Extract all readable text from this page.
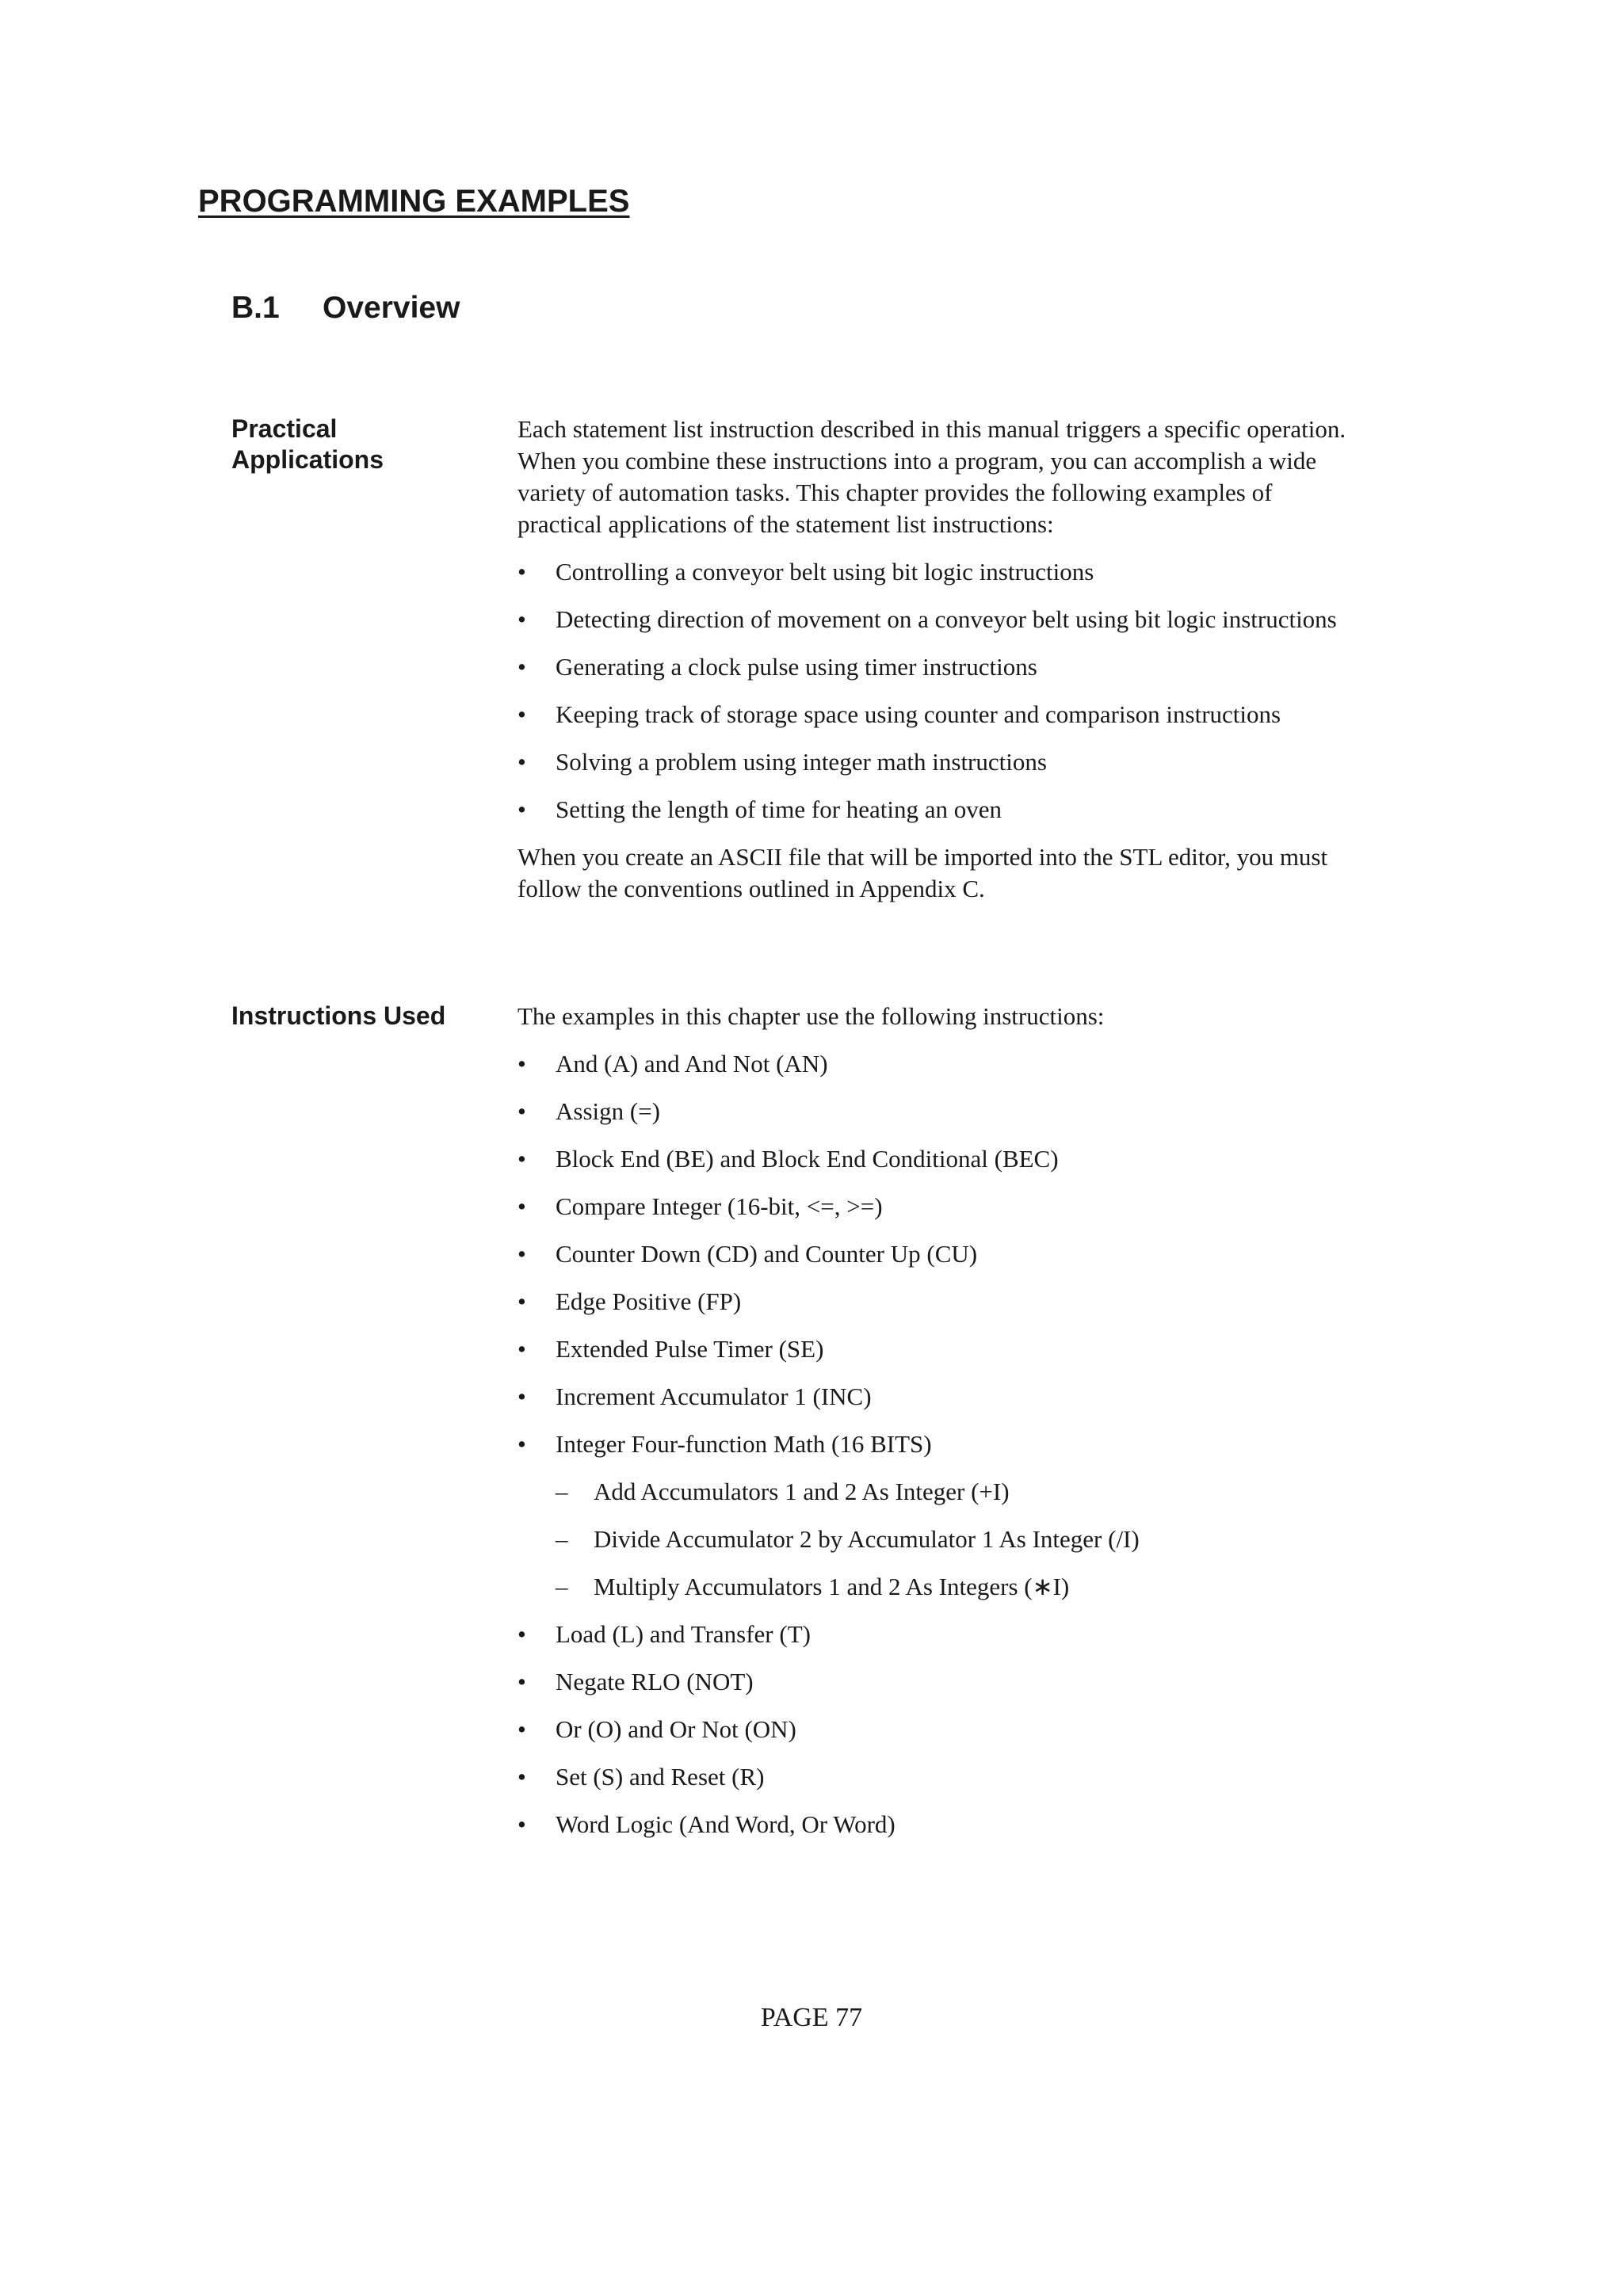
PROGRAMMING EXAMPLES
B.1 Overview
Practical
Applications

Each statement list instruction described in this manual triggers a specific operation. When you combine these instructions into a program, you can accomplish a wide variety of automation tasks. This chapter provides the following examples of practical applications of the statement list instructions:

• Controlling a conveyor belt using bit logic instructions
• Detecting direction of movement on a conveyor belt using bit logic instructions
• Generating a clock pulse using timer instructions
• Keeping track of storage space using counter and comparison instructions
• Solving a problem using integer math instructions
• Setting the length of time for heating an oven

When you create an ASCII file that will be imported into the STL editor, you must follow the conventions outlined in Appendix C.

Instructions Used	The examples in this chapter use the following instructions:

• And (A) and And Not (AN)
• Assign (=)
• Block End (BE) and Block End Conditional (BEC)
• Compare Integer (16-bit, <=, >=)
• Counter Down (CD) and Counter Up (CU)
• Edge Positive (FP)
• Extended Pulse Timer (SE)
• Increment Accumulator 1 (INC)
• Integer Four-function Math (16 BITS)
– Add Accumulators 1 and 2 As Integer (+I)
– Divide Accumulator 2 by Accumulator 1 As Integer (/I)
– Multiply Accumulators 1 and 2 As Integers (∗I)
• Load (L) and Transfer (T)
• Negate RLO (NOT)
• Or (O) and Or Not (ON)
• Set (S) and Reset (R)
• Word Logic (And Word, Or Word)
PAGE 77
